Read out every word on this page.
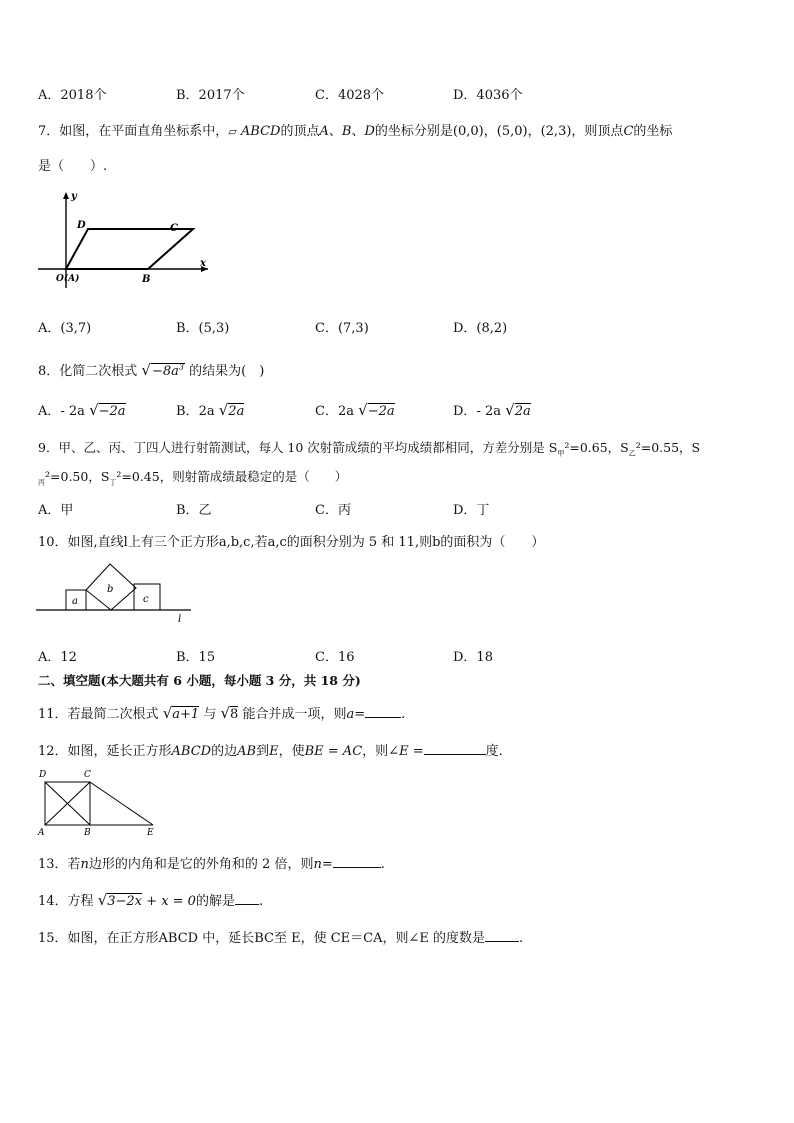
A．2018个	B．2017个	C．4028个	D．4036个
7．如图，在平面直角坐标系中，▱ ABCD的顶点A、B、D的坐标分别是(0,0)，(5,0)，(2,3)，则顶点C的坐标
是（　　）.
y
x
D	C
B
O(A)
A．(3,7)	B．(5,3)	C．(7,3)	D．(8,2)
8．化简二次根式 $√-8a^3$ 的结果为(　)
A．- 2a √−2a	B．2a √2a	C．2a √−2a	D．- 2a √2a
9．甲、乙、丙、丁四人进行射箭测试，每人 10 次射箭成绩的平均成绩都相同，方差分别是 $S_甲^2=0.65$，$S_乙^2=0.55$，S
$_丙$²=0.50，$S_丁^2=0.45$，则射箭成绩最稳定的是（　　）
A．甲	B．乙	C．丙	D．丁
10．如图,直线l上有三个正方形a,b,c,若a,c的面积分别为 5 和 11,则b的面积为（　　）
a
b
c
l
A．12	B．15	C．16	D．18
二、填空题(本大题共有 6 小题，每小题 3 分，共 18 分)
11．若最简二次根式 √a+1 与 √8 能合并成一项，则a=	.
12．如图，延长正方形ABCD的边AB到E，使BE = AC，则∠E =	度.
D	C
A	B	E
13．若n边形的内角和是它的外角和的 2 倍，则n=	.
14．方程 √3−2x + x = 0的解是 .
15．如图，在正方形ABCD 中，延长BC至 E，使 CE＝CA，则∠E 的度数是	.
